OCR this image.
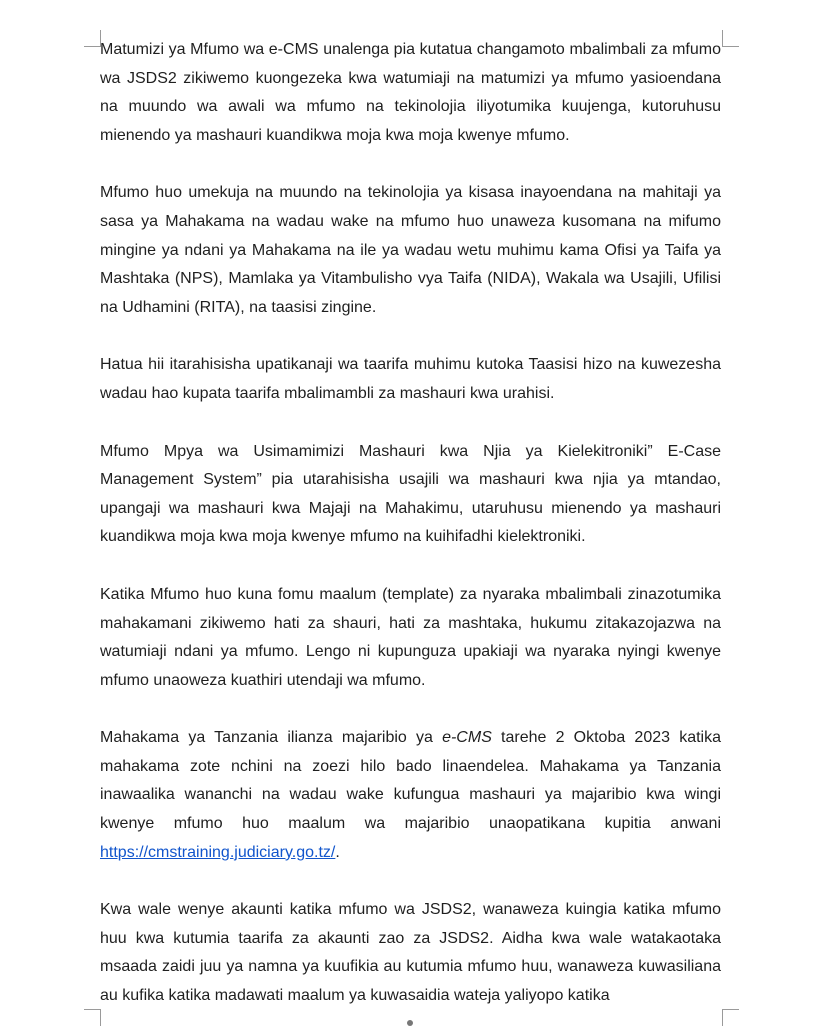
Matumizi ya Mfumo wa e-CMS unalenga pia kutatua changamoto mbalimbali za mfumo wa JSDS2 zikiwemo kuongezeka kwa watumiaji na matumizi ya mfumo yasioendana na muundo wa awali wa mfumo na tekinolojia iliyotumika kuujenga, kutoruhusu mienendo ya mashauri kuandikwa moja kwa moja kwenye mfumo.

Mfumo huo umekuja na muundo na tekinolojia ya kisasa inayoendana na mahitaji ya sasa ya Mahakama na wadau wake na mfumo huo unaweza kusomana na mifumo mingine ya ndani ya Mahakama na ile ya wadau wetu muhimu kama Ofisi ya Taifa ya Mashtaka (NPS), Mamlaka ya Vitambulisho vya Taifa (NIDA), Wakala wa Usajili, Ufilisi na Udhamini (RITA), na taasisi zingine.

Hatua hii itarahisisha upatikanaji wa taarifa muhimu kutoka Taasisi hizo na kuwezesha wadau hao kupata taarifa mbalimambli za mashauri kwa urahisi.

Mfumo Mpya wa Usimamimizi Mashauri kwa Njia ya Kielekitroniki” E-Case Management System” pia utarahisisha usajili wa mashauri kwa njia ya mtandao, upangaji wa mashauri kwa Majaji na Mahakimu, utaruhusu mienendo ya mashauri kuandikwa moja kwa moja kwenye mfumo na kuihifadhi kielektroniki.

Katika Mfumo huo kuna fomu maalum (template) za nyaraka mbalimbali zinazotumika mahakamani zikiwemo hati za shauri, hati za mashtaka, hukumu zitakazojazwa na watumiaji ndani ya mfumo. Lengo ni kupunguza upakiaji wa nyaraka nyingi kwenye mfumo unaoweza kuathiri utendaji wa mfumo.

Mahakama ya Tanzania ilianza majaribio ya e-CMS tarehe 2 Oktoba 2023 katika mahakama zote nchini na zoezi hilo bado linaendelea. Mahakama ya Tanzania inawaalika wananchi na wadau wake kufungua mashauri ya majaribio kwa wingi kwenye mfumo huo maalum wa majaribio unaopatikana kupitia anwani https://cmstraining.judiciary.go.tz/.

Kwa wale wenye akaunti katika mfumo wa JSDS2, wanaweza kuingia katika mfumo huu kwa kutumia taarifa za akaunti zao za JSDS2. Aidha kwa wale watakaotaka msaada zaidi juu ya namna ya kuufikia au kutumia mfumo huu, wanaweza kuwasiliana au kufika katika madawati maalum ya kuwasaidia wateja yaliyopo katika
